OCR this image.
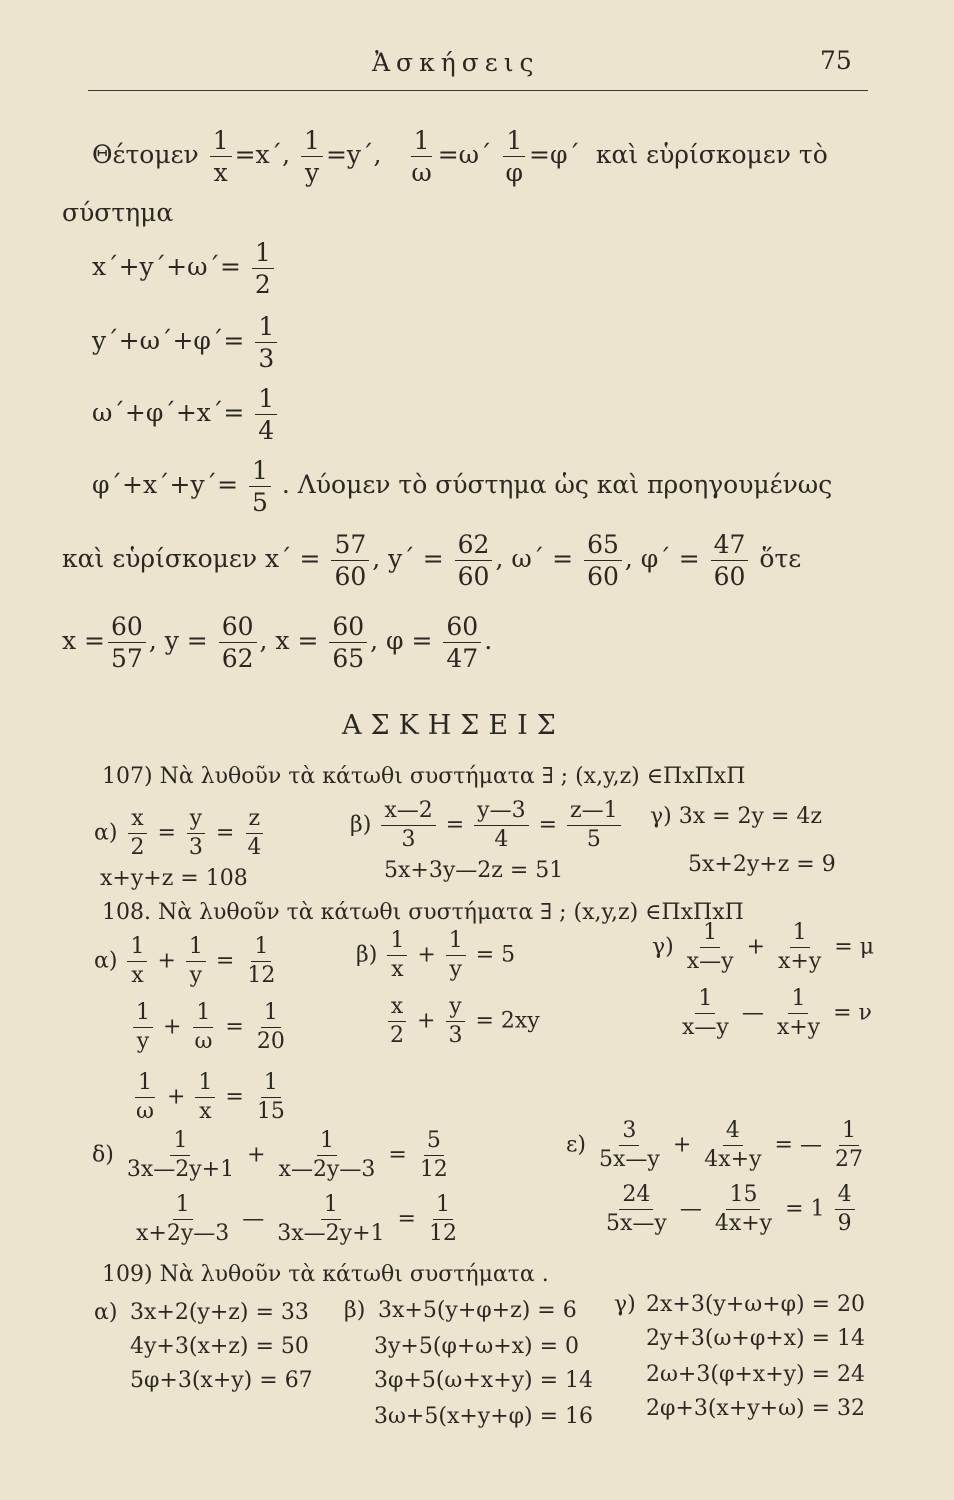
Ἀσκήσεις	75
Θέτομεν $\frac{1}{x} =x΄$, $\frac{1}{y} =y΄$, $\frac{1}{\omega} =\omega΄ \frac{1}{\varphi} =\varphi΄$ καὶ εὑρίσκομεν τὸ
σύστημα
$x΄+y΄+\omega΄= \frac{1}{2}$
$y΄+\omega΄+\varphi΄= \frac{1}{3}$
$\omega΄+\varphi΄+x΄= \frac{1}{4}$
$\varphi΄+x΄+y΄= \frac{1}{5}$ . Λύομεν τὸ σύστημα ὡς καὶ προηγουμένως
καὶ εὑρίσκομεν $x΄ = \frac{57}{60}$ , $y΄ = \frac{62}{60}$ , $\omega΄ = \frac{65}{60}$ , $\varphi΄ = \frac{47}{60}$ ὅτε
$x = \frac{60}{57}$ , $y = \frac{60}{62}$ , $x = \frac{60}{65}$ , $\varphi = \frac{60}{47}$ .
ΑΣΚΗΣΕΙΣ
107) Νὰ λυθοῦν τὰ κάτωθι συστήματα ∃ ; (x,y,z) ∈ΠxΠxΠ
$\alpha) \frac{x}{2} = \frac{y}{3} = \frac{z}{4}$
x+y+z = 108
$\beta) \frac{x—2}{3} = \frac{y—3}{4} = \frac{z—1}{5}$
5x+3y—2z = 51
γ) 3x = 2y = 4z
5x+2y+z = 9
108. Νὰ λυθοῦν τὰ κάτωθι συστήματα ∃ ; (x,y,z) ∈ΠxΠxΠ
$\alpha) \frac{1}{x} + \frac{1}{y} = \frac{1}{12}$
$\frac{1}{y} + \frac{1}{\omega} = \frac{1}{20}$
$\frac{1}{\omega} + \frac{1}{x} = \frac{1}{15}$
$\beta) \frac{1}{x} + \frac{1}{y} = 5$
$\frac{x}{2} + \frac{y}{3} = 2xy$
$\gamma) \frac{1}{x—y} + \frac{1}{x+y} = \mu$
$\frac{1}{x—y}$ — $\frac{1}{x+y} = \nu$
$\delta) \frac{1}{3x—2y+1} + \frac{1}{x—2y—3} = \frac{5}{12}$
$\frac{1}{x+2y—3}$ — $\frac{1}{3x—2y+1} = \frac{1}{12}$
$\varepsilon) \frac{3}{5x—y} + \frac{4}{4x+y}$ = — $\frac{1}{27}$
$\frac{24}{5x—y}$ — $\frac{15}{4x+y} = 1 \frac{4}{9}$
109) Νὰ λυθοῦν τὰ κάτωθι συστήματα .
α) 3x+2(y+z) = 33
4y+3(x+z) = 50
5φ+3(x+y) = 67
β) 3x+5(y+φ+z) = 6
3y+5(φ+ω+x) = 0
3φ+5(ω+x+y) = 14
3ω+5(x+y+φ) = 16
γ) 2x+3(y+ω+φ) = 20
2y+3(ω+φ+x) = 14
2ω+3(φ+x+y) = 24
2φ+3(x+y+ω) = 32
